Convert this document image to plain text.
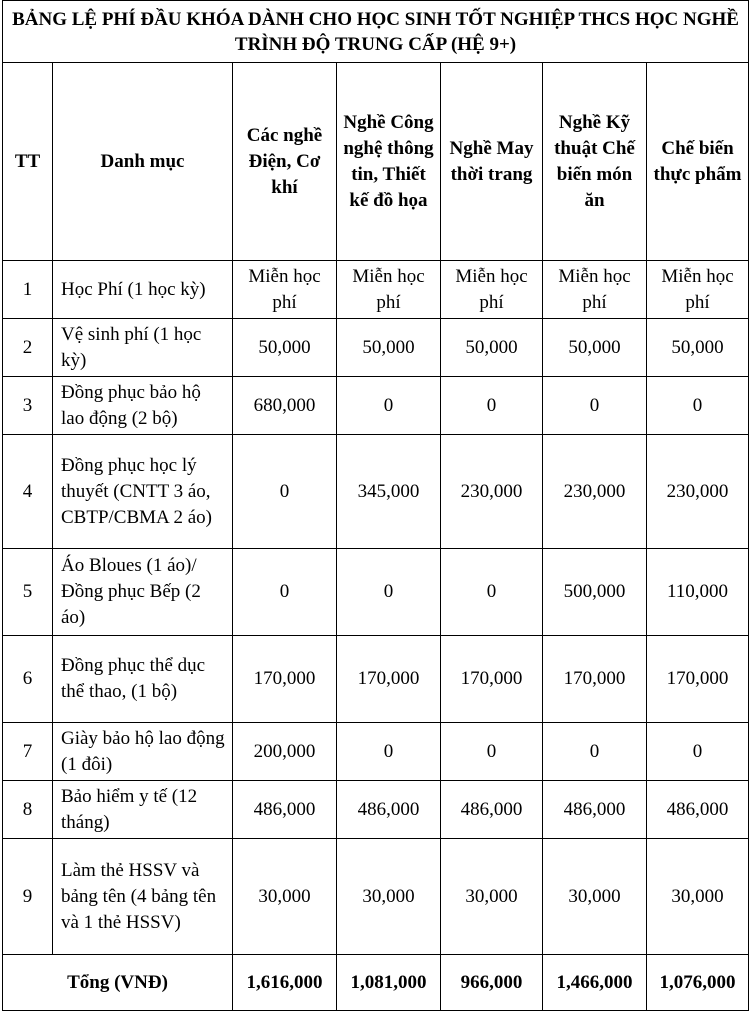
BẢNG LỆ PHÍ ĐẦU KHÓA DÀNH CHO HỌC SINH TỐT NGHIỆP THCS HỌC NGHỀ TRÌNH ĐỘ TRUNG CẤP (HỆ 9+)						
TT	Danh mục	Các nghề Điện, Cơ khí	Nghề Công nghệ thông tin, Thiết kế đồ họa	Nghề May thời trang	Nghề Kỹ thuật Chế biến món ăn	Chế biến thực phẩm
1	Học Phí (1 học kỳ)	Miễn học phí	Miễn học phí	Miễn học phí	Miễn học phí	Miễn học phí
2	Vệ sinh phí (1 học kỳ)	50,000	50,000	50,000	50,000	50,000
3	Đồng phục bảo hộ lao động (2 bộ)	680,000	0	0	0	0
4	Đồng phục học lý thuyết (CNTT 3 áo, CBTP/CBMA 2 áo)	0	345,000	230,000	230,000	230,000
5	Áo Bloues (1 áo)/ Đồng phục Bếp (2 áo)	0	0	0	500,000	110,000
6	Đồng phục thể dục thể thao, (1 bộ)	170,000	170,000	170,000	170,000	170,000
7	Giày bảo hộ lao động (1 đôi)	200,000	0	0	0	0
8	Bảo hiểm y tế (12 tháng)	486,000	486,000	486,000	486,000	486,000
9	Làm thẻ HSSV và bảng tên (4 bảng tên và 1 thẻ HSSV)	30,000	30,000	30,000	30,000	30,000
Tổng (VNĐ)		1,616,000	1,081,000	966,000	1,466,000	1,076,000
